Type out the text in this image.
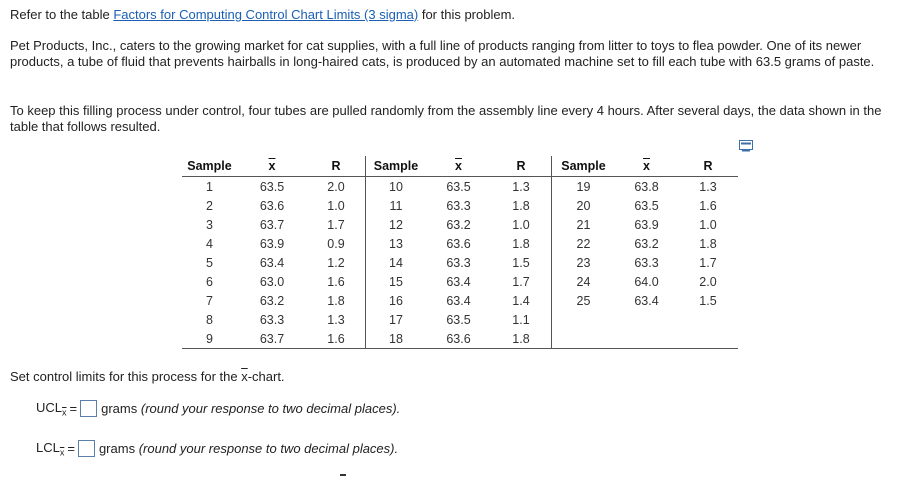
Refer to the table Factors for Computing Control Chart Limits (3 sigma) for this problem.

Pet Products, Inc., caters to the growing market for cat supplies, with a full line of products ranging from litter to toys to flea powder. One of its newer products, a tube of fluid that prevents hairballs in long-haired cats, is produced by an automated machine set to fill each tube with 63.5 grams of paste.

To keep this filling process under control, four tubes are pulled randomly from the assembly line every 4 hours. After several days, the data shown in the table that follows resulted.

Sample	$\overline{x}$	R	Sample	$\overline{x}$	R	Sample	$\overline{x}$	R
1	63.5	2.0	10	63.5	1.3	19	63.8	1.3
2	63.6	1.0	11	63.3	1.8	20	63.5	1.6
3	63.7	1.7	12	63.2	1.0	21	63.9	1.0
4	63.9	0.9	13	63.6	1.8	22	63.2	1.8
5	63.4	1.2	14	63.3	1.5	23	63.3	1.7
6	63.0	1.6	15	63.4	1.7	24	64.0	2.0
7	63.2	1.8	16	63.4	1.4	25	63.4	1.5
8	63.3	1.3	17	63.5	1.1			
9	63.7	1.6	18	63.6	1.8			
Set control limits for this process for the $\overline{x}$-chart.
$UCL_{\overline{x}}$ = grams (round your response to two decimal places).
$LCL_{\overline{x}}$ = grams (round your response to two decimal places).
